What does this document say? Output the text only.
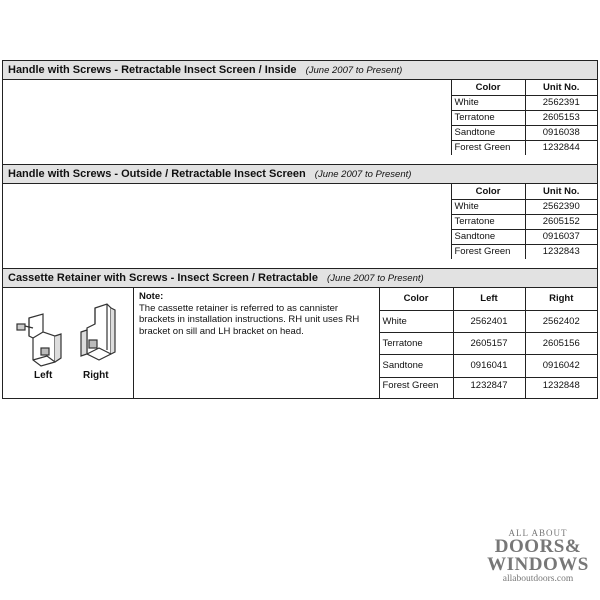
Handle with Screws - Retractable Insect Screen / Inside (June 2007 to Present)
Color	Unit No.
White	2562391
Terratone	2605153
Sandtone	0916038
Forest Green	1232844
Handle with Screws - Outside / Retractable Insect Screen (June 2007 to Present)
Color	Unit No.
White	2562390
Terratone	2605152
Sandtone	0916037
Forest Green	1232843
Cassette Retainer with Screws - Insect Screen / Retractable (June 2007 to Present)
Left	Right
Note:
The cassette retainer is referred to as cannister brackets in installation instructions. RH unit uses RH bracket on sill and LH bracket on head.
Color	Left	Right
White	2562401	2562402
Terratone	2605157	2605156
Sandtone	0916041	0916042
Forest Green	1232847	1232848
ALL ABOUT
DOORS&
WINDOWS
allaboutdoors.com
